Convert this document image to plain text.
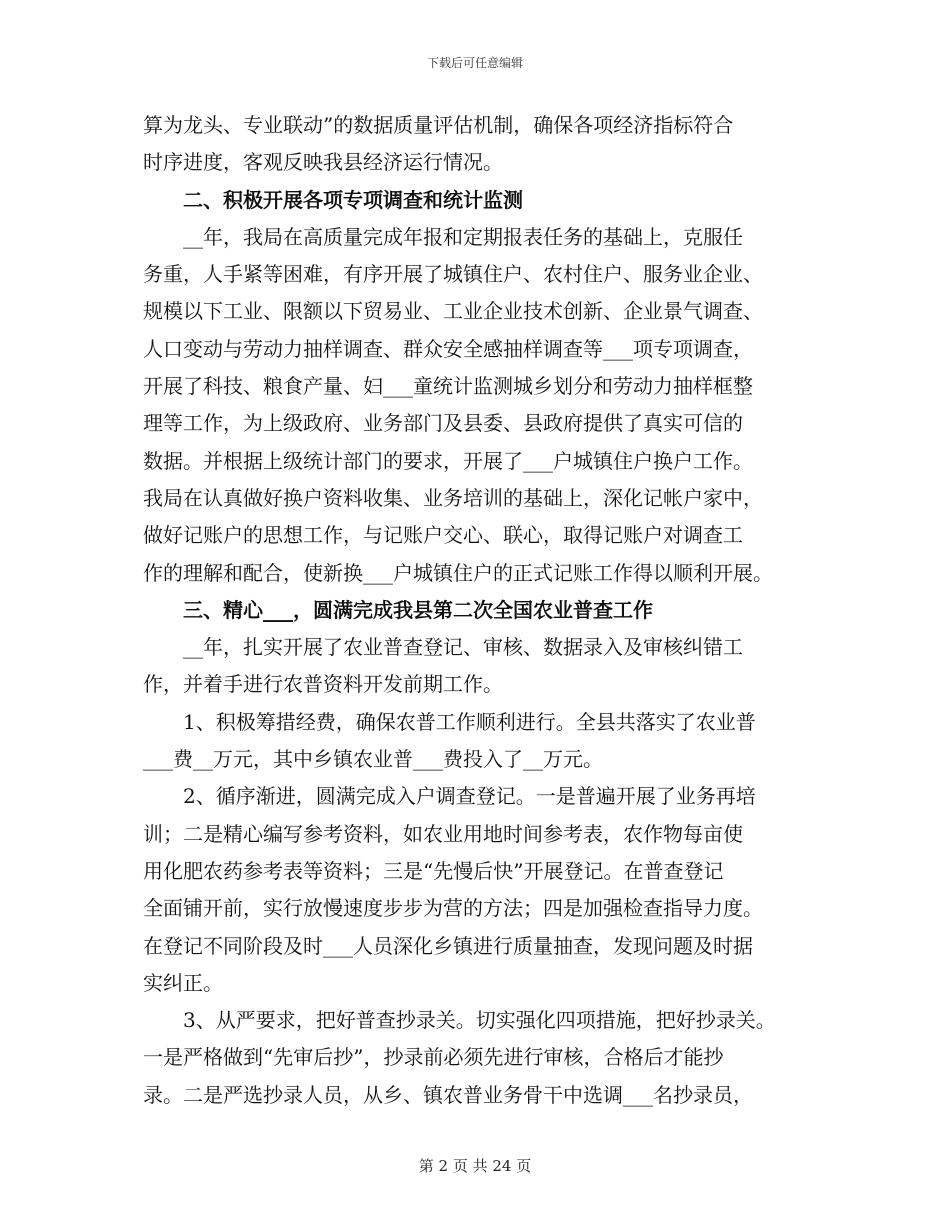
下载后可任意编辑
算为龙头、专业联动”的数据质量评估机制，确保各项经济指标符合
时序进度，客观反映我县经济运行情况。
二、积极开展各项专项调查和统计监测
__年，我局在高质量完成年报和定期报表任务的基础上，克服任
务重，人手紧等困难，有序开展了城镇住户、农村住户、服务业企业、
规模以下工业、限额以下贸易业、工业企业技术创新、企业景气调查、
人口变动与劳动力抽样调查、群众安全感抽样调查等___项专项调查，
开展了科技、粮食产量、妇___童统计监测城乡划分和劳动力抽样框整
理等工作，为上级政府、业务部门及县委、县政府提供了真实可信的
数据。并根据上级统计部门的要求，开展了___户城镇住户换户工作。
我局在认真做好换户资料收集、业务培训的基础上，深化记帐户家中，
做好记账户的思想工作，与记账户交心、联心，取得记账户对调查工
作的理解和配合，使新换___户城镇住户的正式记账工作得以顺利开展。
三、精心___，圆满完成我县第二次全国农业普查工作
__年，扎实开展了农业普查登记、审核、数据录入及审核纠错工
作，并着手进行农普资料开发前期工作。
1、积极筹措经费，确保农普工作顺利进行。全县共落实了农业普
___费__万元，其中乡镇农业普___费投入了__万元。
2、循序渐进，圆满完成入户调查登记。一是普遍开展了业务再培
训；二是精心编写参考资料，如农业用地时间参考表，农作物每亩使
用化肥农药参考表等资料；三是“先慢后快”开展登记。在普查登记
全面铺开前，实行放慢速度步步为营的方法；四是加强检查指导力度。
在登记不同阶段及时___人员深化乡镇进行质量抽查，发现问题及时据
实纠正。
3、从严要求，把好普查抄录关。切实强化四项措施，把好抄录关。
一是严格做到“先审后抄”，抄录前必须先进行审核，合格后才能抄
录。二是严选抄录人员，从乡、镇农普业务骨干中选调___名抄录员，
第 2 页 共 24 页
